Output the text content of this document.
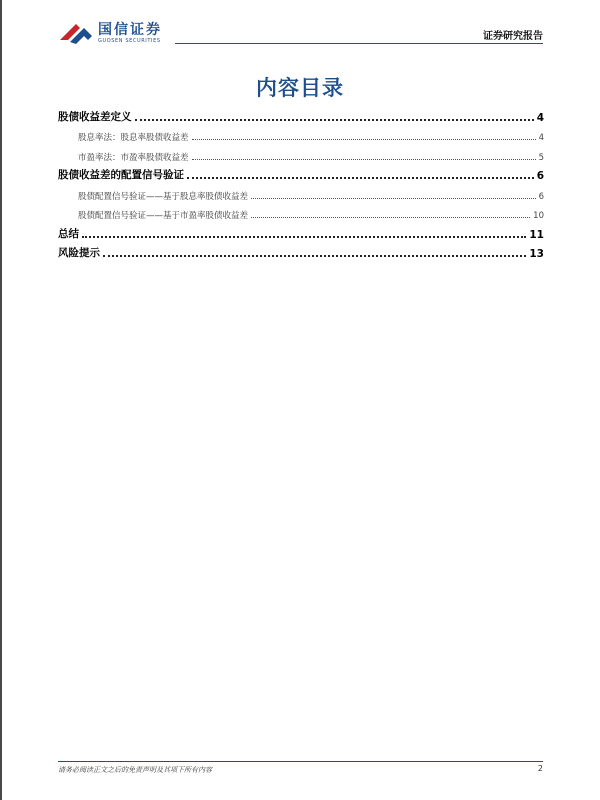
国信证券
GUOSEN SECURITIES	证券研究报告
内容目录
股债收益差定义	4
股息率法：股息率股债收益差	4
市盈率法：市盈率股债收益差	5
股债收益差的配置信号验证	6
股债配置信号验证——基于股息率股债收益差	6
股债配置信号验证——基于市盈率股债收益差	10
总结	11
风险提示	13
请务必阅读正文之后的免责声明及其项下所有内容	2
